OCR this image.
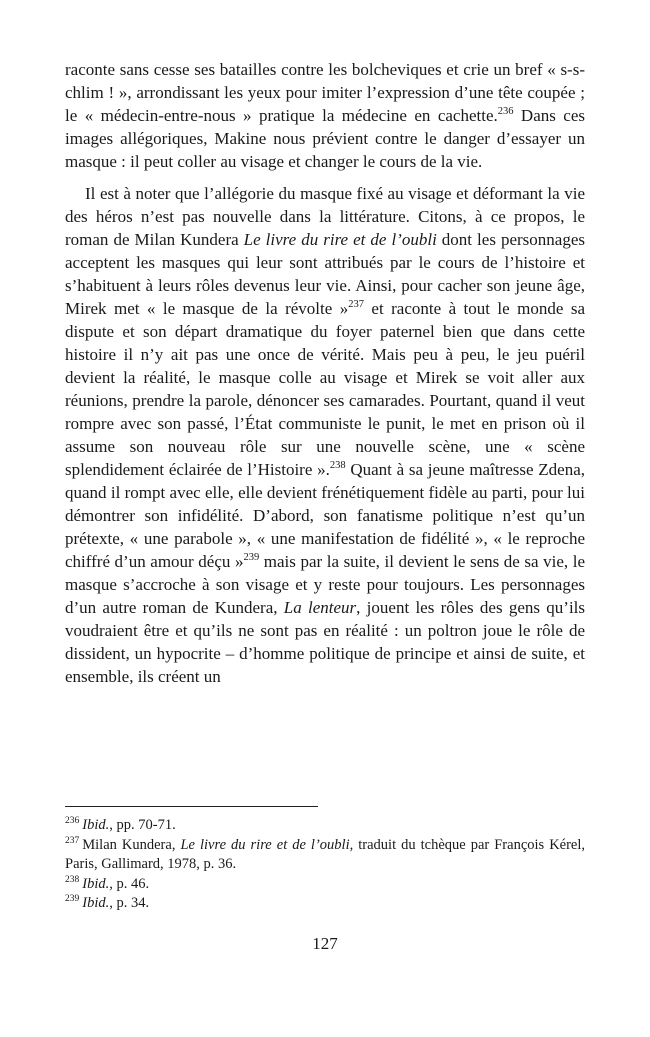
raconte sans cesse ses batailles contre les bolcheviques et crie un bref « s-s-chlim ! », arrondissant les yeux pour imiter l’expression d’une tête coupée ; le « médecin-entre-nous » pratique la médecine en cachette.$^{236}$ Dans ces images allégoriques, Makine nous prévient contre le danger d’essayer un masque : il peut coller au visage et changer le cours de la vie.

Il est à noter que l’allégorie du masque fixé au visage et déformant la vie des héros n’est pas nouvelle dans la littérature. Citons, à ce propos, le roman de Milan Kundera Le livre du rire et de l’oubli dont les personnages acceptent les masques qui leur sont attribués par le cours de l’histoire et s’habituent à leurs rôles devenus leur vie. Ainsi, pour cacher son jeune âge, Mirek met « le masque de la révolte »$^{237}$ et raconte à tout le monde sa dispute et son départ dramatique du foyer paternel bien que dans cette histoire il n’y ait pas une once de vérité. Mais peu à peu, le jeu puéril devient la réalité, le masque colle au visage et Mirek se voit aller aux réunions, prendre la parole, dénoncer ses camarades. Pourtant, quand il veut rompre avec son passé, l’État communiste le punit, le met en prison où il assume son nouveau rôle sur une nouvelle scène, une « scène splendidement éclairée de l’Histoire ».$^{238}$ Quant à sa jeune maîtresse Zdena, quand il rompt avec elle, elle devient frénétiquement fidèle au parti, pour lui démontrer son infidélité. D’abord, son fanatisme politique n’est qu’un prétexte, « une parabole », « une manifestation de fidélité », « le reproche chiffré d’un amour déçu »$^{239}$ mais par la suite, il devient le sens de sa vie, le masque s’accroche à son visage et y reste pour toujours. Les personnages d’un autre roman de Kundera, La lenteur, jouent les rôles des gens qu’ils voudraient être et qu’ils ne sont pas en réalité : un poltron joue le rôle de dissident, un hypocrite – d’homme politique de principe et ainsi de suite, et ensemble, ils créent un

$^{236}$ Ibid., pp. 70-71.

$^{237}$ Milan Kundera, Le livre du rire et de l’oubli, traduit du tchèque par François Kérel, Paris, Gallimard, 1978, p. 36.

$^{238}$ Ibid., p. 46.

$^{239}$ Ibid., p. 34.

127
